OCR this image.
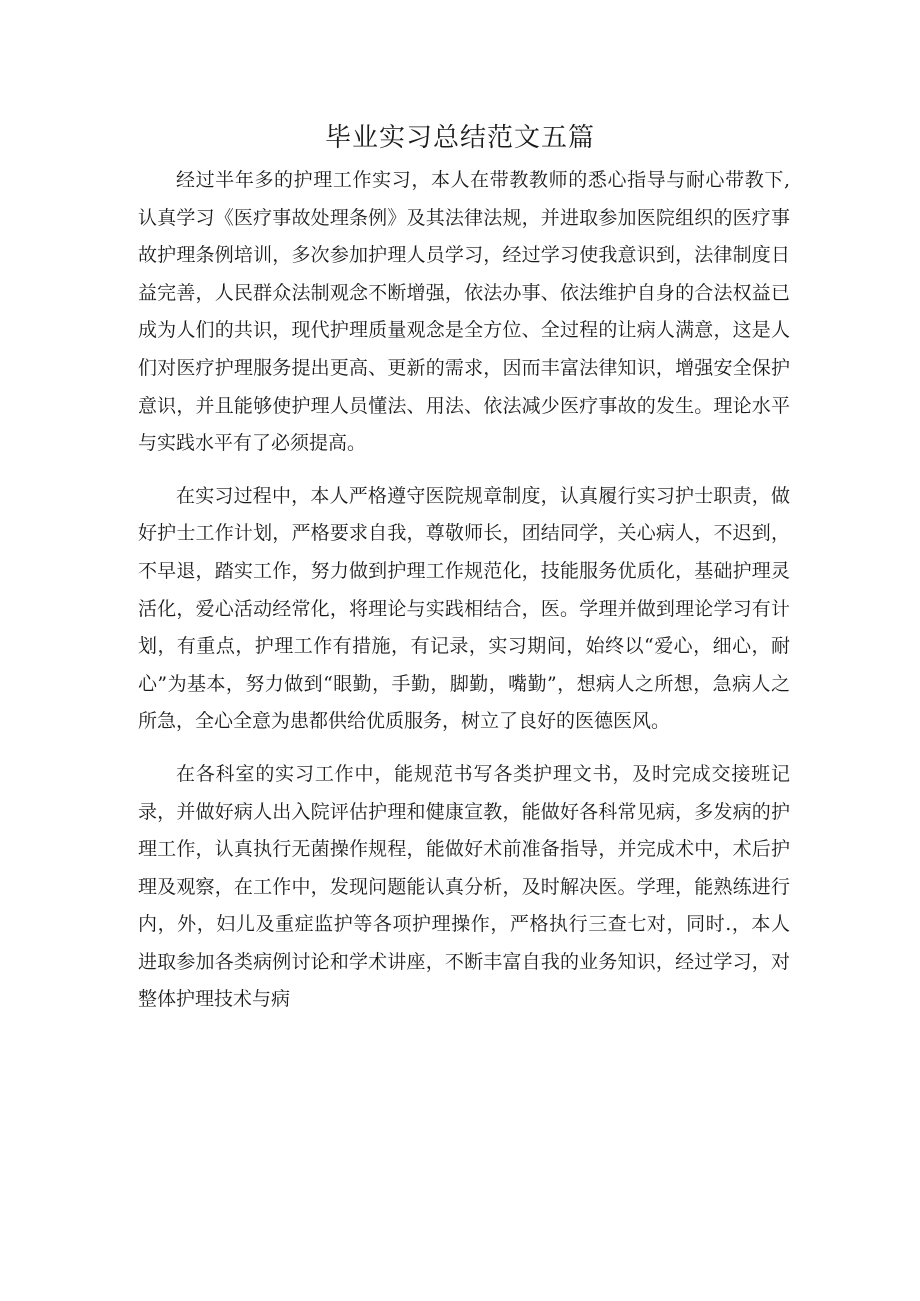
毕业实习总结范文五篇

经过半年多的护理工作实习，本人在带教教师的悉心指导与耐心带教下,认真学习《医疗事故处理条例》及其法律法规，并进取参加医院组织的医疗事故护理条例培训，多次参加护理人员学习，经过学习使我意识到，法律制度日益完善，人民群众法制观念不断增强，依法办事、依法维护自身的合法权益已成为人们的共识，现代护理质量观念是全方位、全过程的让病人满意，这是人们对医疗护理服务提出更高、更新的需求，因而丰富法律知识，增强安全保护意识，并且能够使护理人员懂法、用法、依法减少医疗事故的发生。理论水平与实践水平有了必须提高。

在实习过程中，本人严格遵守医院规章制度，认真履行实习护士职责，做好护士工作计划，严格要求自我，尊敬师长，团结同学，关心病人，不迟到，不早退，踏实工作，努力做到护理工作规范化，技能服务优质化，基础护理灵活化，爱心活动经常化，将理论与实践相结合，医。学理并做到理论学习有计划，有重点，护理工作有措施，有记录，实习期间，始终以“爱心，细心，耐心”为基本，努力做到“眼勤，手勤，脚勤，嘴勤”，想病人之所想，急病人之所急，全心全意为患都供给优质服务，树立了良好的医德医风。

在各科室的实习工作中，能规范书写各类护理文书，及时完成交接班记录，并做好病人出入院评估护理和健康宣教，能做好各科常见病，多发病的护理工作，认真执行无菌操作规程，能做好术前准备指导，并完成术中，术后护理及观察，在工作中，发现问题能认真分析，及时解决医。学理，能熟练进行内，外，妇儿及重症监护等各项护理操作，严格执行三查七对，同时.，本人进取参加各类病例讨论和学术讲座，不断丰富自我的业务知识，经过学习，对整体护理技术与病
